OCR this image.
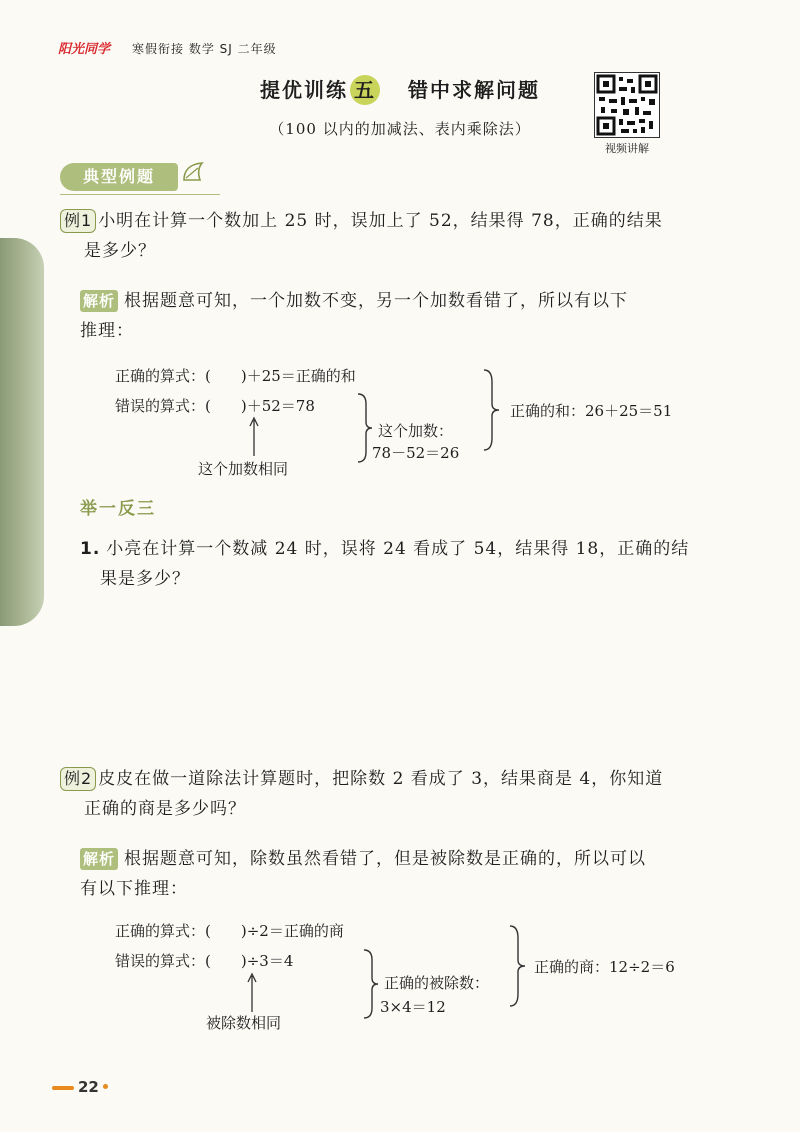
阳光同学 寒假衔接 数学 SJ 二年级
提优训练 五 错中求解问题
（100 以内的加减法、表内乘除法）
视频讲解
典型例题
例1 小明在计算一个数加上 25 时，误加上了 52，结果得 78，正确的结果
是多少？
解析 根据题意可知，一个加数不变，另一个加数看错了，所以有以下
推理：
正确的算式：(　　)＋25＝正确的和
错误的算式：(　　)＋52＝78
这个加数：
78－52＝26
正确的和：26＋25＝51
这个加数相同
举一反三
1. 小亮在计算一个数减 24 时，误将 24 看成了 54，结果得 18，正确的结
果是多少？
例2 皮皮在做一道除法计算题时，把除数 2 看成了 3，结果商是 4，你知道
正确的商是多少吗？
解析 根据题意可知，除数虽然看错了，但是被除数是正确的，所以可以
有以下推理：
正确的算式：(　　)÷2＝正确的商
错误的算式：(　　)÷3＝4
正确的被除数：
3×4＝12
正确的商：12÷2＝6
被除数相同
22
